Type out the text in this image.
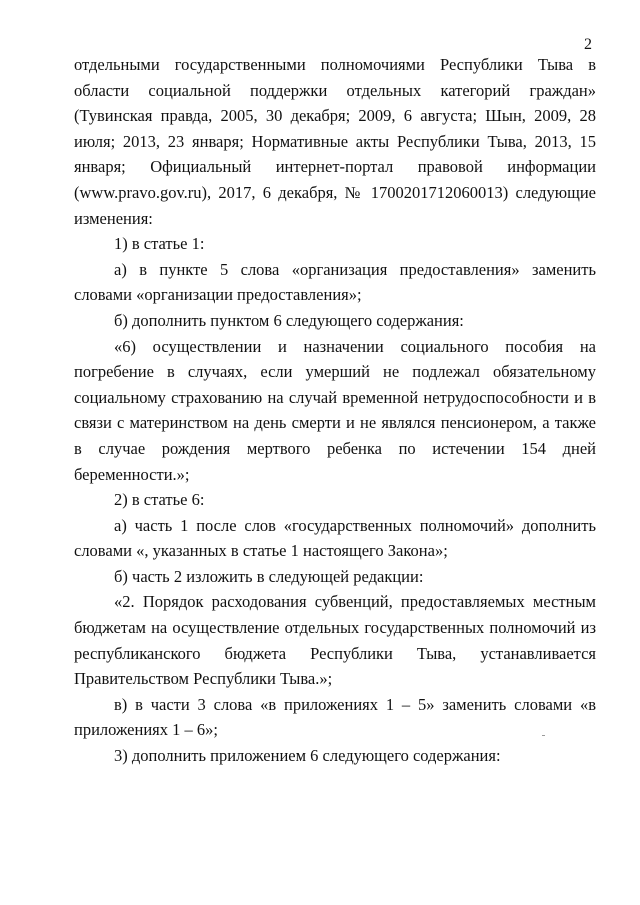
2

отдельными государственными полномочиями Республики Тыва в области социальной поддержки отдельных категорий граждан» (Тувинская правда, 2005, 30 декабря; 2009, 6 августа; Шын, 2009, 28 июля; 2013, 23 января; Нормативные акты Республики Тыва, 2013, 15 января; Официальный интернет-портал правовой информации (www.pravo.gov.ru), 2017, 6 декабря, № 1700201712060013) следующие изменения:

1) в статье 1:

а) в пункте 5 слова «организация предоставления» заменить словами «организации предоставления»;

б) дополнить пунктом 6 следующего содержания:

«6) осуществлении и назначении социального пособия на погребение в случаях, если умерший не подлежал обязательному социальному страхованию на случай временной нетрудоспособности и в связи с материнством на день смерти и не являлся пенсионером, а также в случае рождения мертвого ребенка по истечении 154 дней беременности.»;

2) в статье 6:

а) часть 1 после слов «государственных полномочий» дополнить словами «, указанных в статье 1 настоящего Закона»;

б) часть 2 изложить в следующей редакции:

«2. Порядок расходования субвенций, предоставляемых местным бюджетам на осуществление отдельных государственных полномочий из республиканского бюджета Республики Тыва, устанавливается Правительством Республики Тыва.»;

в) в части 3 слова «в приложениях 1 – 5» заменить словами «в приложениях 1 – 6»;

3) дополнить приложением 6 следующего содержания:
